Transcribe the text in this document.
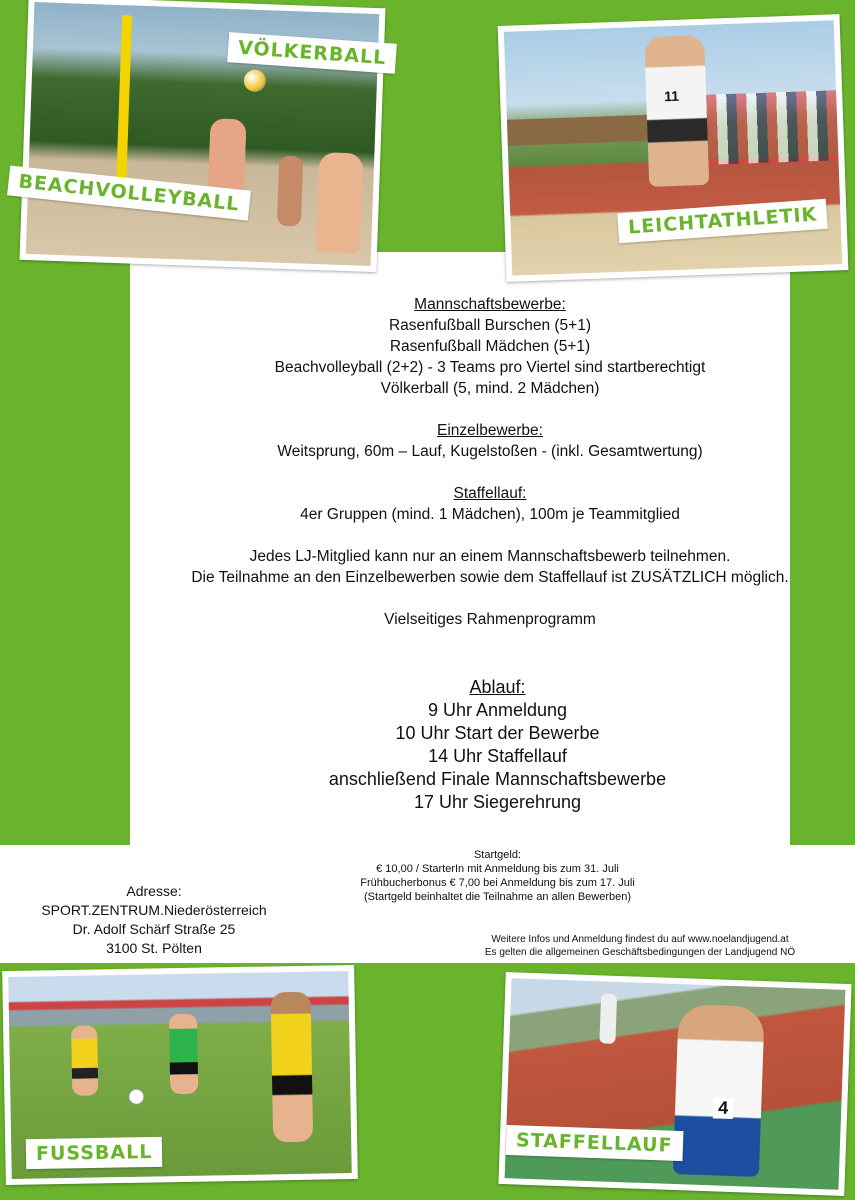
VÖLKERBALL
BEACHVOLLEYBALL
11
LEICHTATHLETIK

Mannschaftsbewerbe:

Rasenfußball Burschen (5+1)

Rasenfußball Mädchen (5+1)

Beachvolleyball (2+2) - 3 Teams pro Viertel sind startberechtigt

Völkerball (5, mind. 2 Mädchen)

Einzelbewerbe:

Weitsprung, 60m – Lauf, Kugelstoßen - (inkl. Gesamtwertung)

Staffellauf:

4er Gruppen (mind. 1 Mädchen), 100m je Teammitglied

Jedes LJ-Mitglied kann nur an einem Mannschaftsbewerb teilnehmen.

Die Teilnahme an den Einzelbewerben sowie dem Staffellauf ist ZUSÄTZLICH möglich.

Vielseitiges Rahmenprogramm

Ablauf:
9 Uhr Anmeldung
10 Uhr Start der Bewerbe
14 Uhr Staffellauf
anschließend Finale Mannschaftsbewerbe
17 Uhr Siegerehrung
Startgeld:
€ 10,00 / StarterIn mit Anmeldung bis zum 31. Juli
Frühbucherbonus € 7,00 bei Anmeldung bis zum 17. Juli
(Startgeld beinhaltet die Teilnahme an allen Bewerben)
Adresse:
SPORT.ZENTRUM.Niederösterreich
Dr. Adolf Schärf Straße 25
3100 St. Pölten
Weitere Infos und Anmeldung findest du auf www.noelandjugend.at
Es gelten die allgemeinen Geschäftsbedingungen der Landjugend NÖ
FUSSBALL
4
STAFFELLAUF
